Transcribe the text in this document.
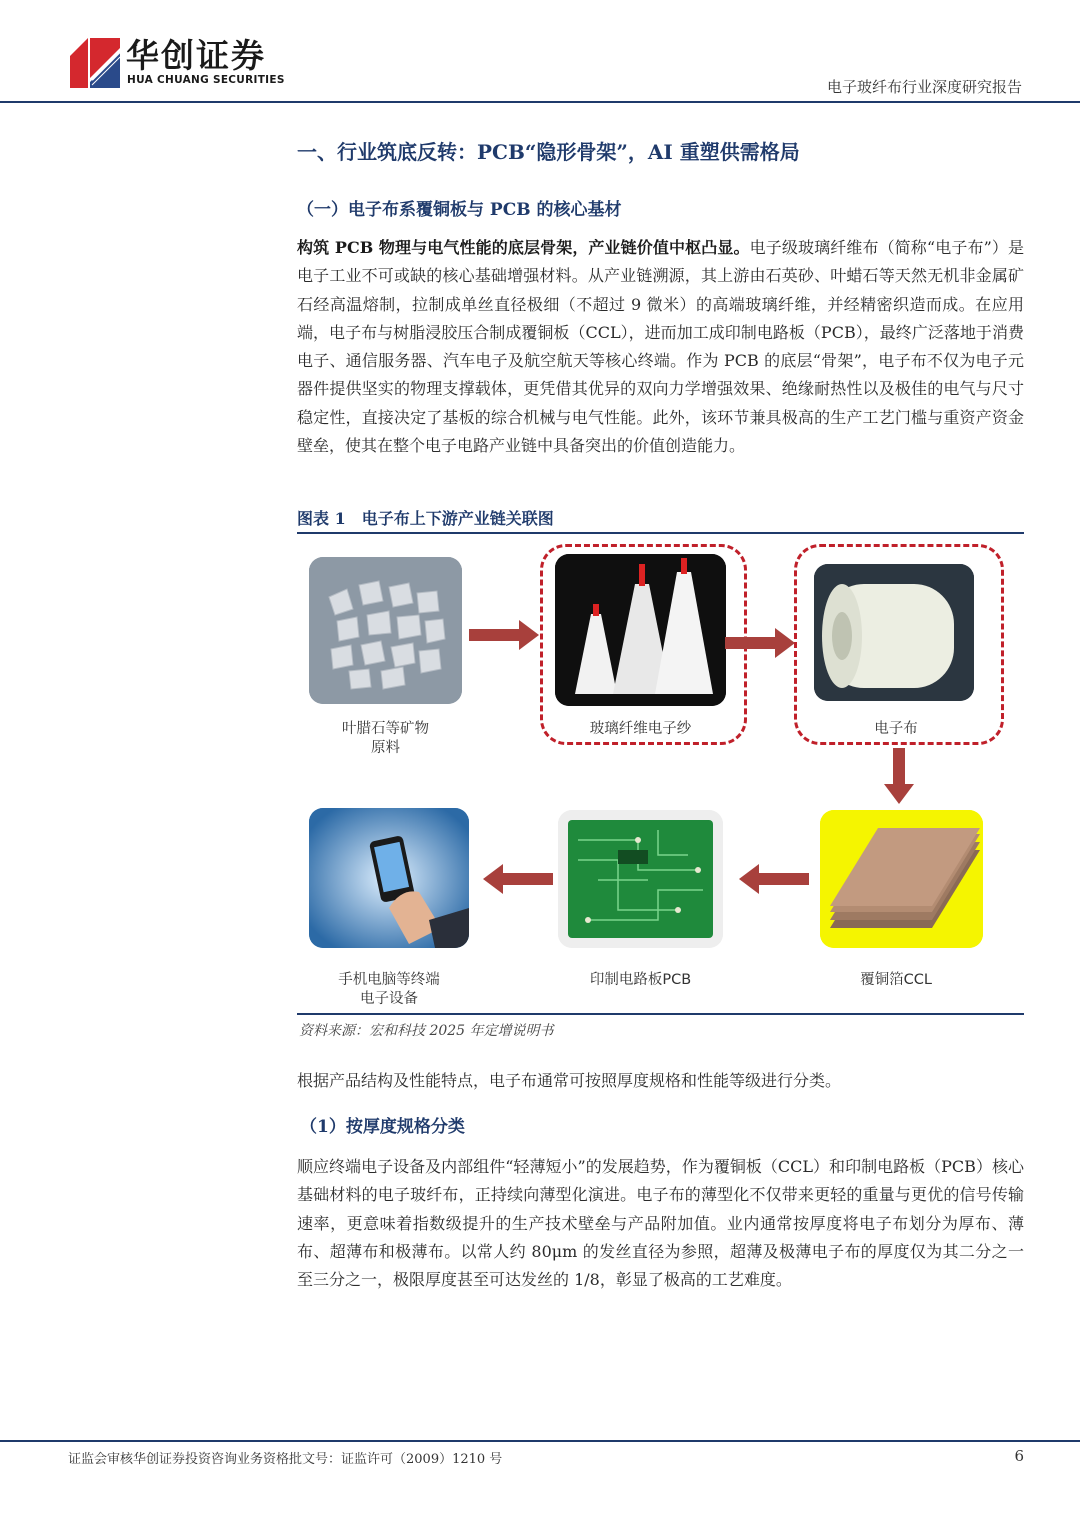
华创证券
HUA CHUANG SECURITIES	电子玻纤布行业深度研究报告
一、行业筑底反转：PCB“隐形骨架”，AI 重塑供需格局
（一）电子布系覆铜板与 PCB 的核心基材
构筑 PCB 物理与电气性能的底层骨架，产业链价值中枢凸显。电子级玻璃纤维布（简称“电子布”）是电子工业不可或缺的核心基础增强材料。从产业链溯源，其上游由石英砂、叶蜡石等天然无机非金属矿石经高温熔制，拉制成单丝直径极细（不超过 9 微米）的高端玻璃纤维，并经精密织造而成。在应用端，电子布与树脂浸胶压合制成覆铜板（CCL），进而加工成印制电路板（PCB），最终广泛落地于消费电子、通信服务器、汽车电子及航空航天等核心终端。作为 PCB 的底层“骨架”，电子布不仅为电子元器件提供坚实的物理支撑载体，更凭借其优异的双向力学增强效果、绝缘耐热性以及极佳的电气与尺寸稳定性，直接决定了基板的综合机械与电气性能。此外，该环节兼具极高的生产工艺门槛与重资产资金壁垒，使其在整个电子电路产业链中具备突出的价值创造能力。
图表 1　电子布上下游产业链关联图
叶腊石等矿物
原料
玻璃纤维电子纱	电子布
覆铜箔CCL
印制电路板PCB
手机电脑等终端
电子设备
资料来源：宏和科技 2025 年定增说明书
根据产品结构及性能特点，电子布通常可按照厚度规格和性能等级进行分类。
（1）按厚度规格分类
顺应终端电子设备及内部组件“轻薄短小”的发展趋势，作为覆铜板（CCL）和印制电路板（PCB）核心基础材料的电子玻纤布，正持续向薄型化演进。电子布的薄型化不仅带来更轻的重量与更优的信号传输速率，更意味着指数级提升的生产技术壁垒与产品附加值。业内通常按厚度将电子布划分为厚布、薄布、超薄布和极薄布。以常人约 80μm 的发丝直径为参照，超薄及极薄电子布的厚度仅为其二分之一至三分之一，极限厚度甚至可达发丝的 1/8，彰显了极高的工艺难度。
证监会审核华创证券投资咨询业务资格批文号：证监许可（2009）1210 号	6
